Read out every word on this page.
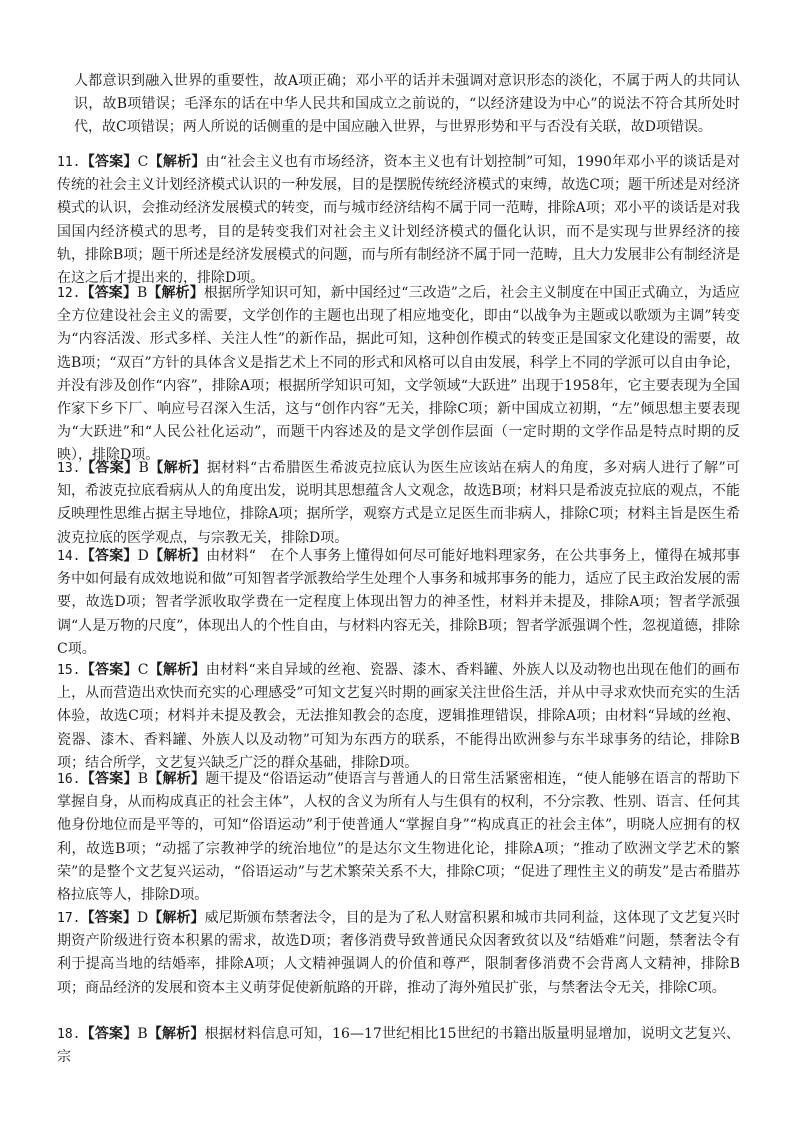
人都意识到融入世界的重要性，故A项正确；邓小平的话并未强调对意识形态的淡化，不属于两人的共同认识，故B项错误；毛泽东的话在中华人民共和国成立之前说的，“以经济建设为中心”的说法不符合其所处时代，故C项错误；两人所说的话侧重的是中国应融入世界，与世界形势和平与否没有关联，故D项错误。
11.【答案】C【解析】由“社会主义也有市场经济，资本主义也有计划控制”可知，1990年邓小平的谈话是对传统的社会主义计划经济模式认识的一种发展，目的是摆脱传统经济模式的束缚，故选C项；题干所述是对经济模式的认识，会推动经济发展模式的转变，而与城市经济结构不属于同一范畴，排除A项；邓小平的谈话是对我国国内经济模式的思考，目的是转变我们对社会主义计划经济模式的僵化认识，而不是实现与世界经济的接轨，排除B项；题干所述是经济发展模式的问题，而与所有制经济不属于同一范畴，且大力发展非公有制经济是在这之后才提出来的，排除D项。
12.【答案】B【解析】根据所学知识可知，新中国经过“三改造”之后，社会主义制度在中国正式确立，为适应全方位建设社会主义的需要，文学创作的主题也出现了相应地变化，即由“以战争为主题或以歌颂为主调”转变为“内容活泼、形式多样、关注人性”的新作品，据此可知，这种创作模式的转变正是国家文化建设的需要，故选B项；“双百”方针的具体含义是指艺术上不同的形式和风格可以自由发展，科学上不同的学派可以自由争论，并没有涉及创作“内容”，排除A项；根据所学知识可知，文学领域“大跃进” 出现于1958年，它主要表现为全国作家下乡下厂、响应号召深入生活，这与“创作内容”无关，排除C项；新中国成立初期，“左”倾思想主要表现为“大跃进”和“人民公社化运动”，而题干内容述及的是文学创作层面（一定时期的文学作品是特点时期的反映），排除D项。
13.【答案】B【解析】据材料“古希腊医生希波克拉底认为医生应该站在病人的角度，多对病人进行了解”可知，希波克拉底看病从人的角度出发，说明其思想蕴含人文观念，故选B项；材料只是希波克拉底的观点，不能反映理性思维占据主导地位，排除A项；据所学，观察方式是立足医生而非病人，排除C项；材料主旨是医生希波克拉底的医学观点，与宗教无关，排除D项。
14.【答案】D【解析】由材料“　在个人事务上懂得如何尽可能好地料理家务，在公共事务上，懂得在城邦事务中如何最有成效地说和做”可知智者学派教给学生处理个人事务和城邦事务的能力，适应了民主政治发展的需要，故选D项；智者学派收取学费在一定程度上体现出智力的神圣性，材料并未提及，排除A项；智者学派强调“人是万物的尺度”，体现出人的个性自由，与材料内容无关，排除B项；智者学派强调个性，忽视道德，排除C项。
15.【答案】C【解析】由材料“来自异域的丝袍、瓷器、漆木、香料罐、外族人以及动物也出现在他们的画布上，从而营造出欢快而充实的心理感受”可知文艺复兴时期的画家关注世俗生活，并从中寻求欢快而充实的生活体验，故选C项；材料并未提及教会，无法推知教会的态度，逻辑推理错误，排除A项；由材料“异域的丝袍、瓷器、漆木、香料罐、外族人以及动物”可知为东西方的联系，不能得出欧洲参与东半球事务的结论，排除B项；结合所学，文艺复兴缺乏广泛的群众基础，排除D项。
16.【答案】B【解析】题干提及“俗语运动”使语言与普通人的日常生活紧密相连，“使人能够在语言的帮助下掌握自身，从而构成真正的社会主体”，人权的含义为所有人与生俱有的权利，不分宗教、性别、语言、任何其他身份地位而是平等的，可知“俗语运动”利于使普通人“掌握自身”“构成真正的社会主体”，明晓人应拥有的权利，故选B项；“动摇了宗教神学的统治地位”的是达尔文生物进化论，排除A项；“推动了欧洲文学艺术的繁荣”的是整个文艺复兴运动，“俗语运动”与艺术繁荣关系不大，排除C项；“促进了理性主义的萌发”是古希腊苏格拉底等人，排除D项。
17.【答案】D【解析】威尼斯颁布禁奢法令，目的是为了私人财富积累和城市共同利益，这体现了文艺复兴时期资产阶级进行资本积累的需求，故选D项；奢侈消费导致普通民众因奢致贫以及“结婚难”问题，禁奢法令有利于提高当地的结婚率，排除A项；人文精神强调人的价值和尊严，限制奢侈消费不会背离人文精神，排除B项；商品经济的发展和资本主义萌芽促使新航路的开辟，推动了海外殖民扩张，与禁奢法令无关，排除C项。
18.【答案】B【解析】根据材料信息可知，16—17世纪相比15世纪的书籍出版量明显增加，说明文艺复兴、宗
